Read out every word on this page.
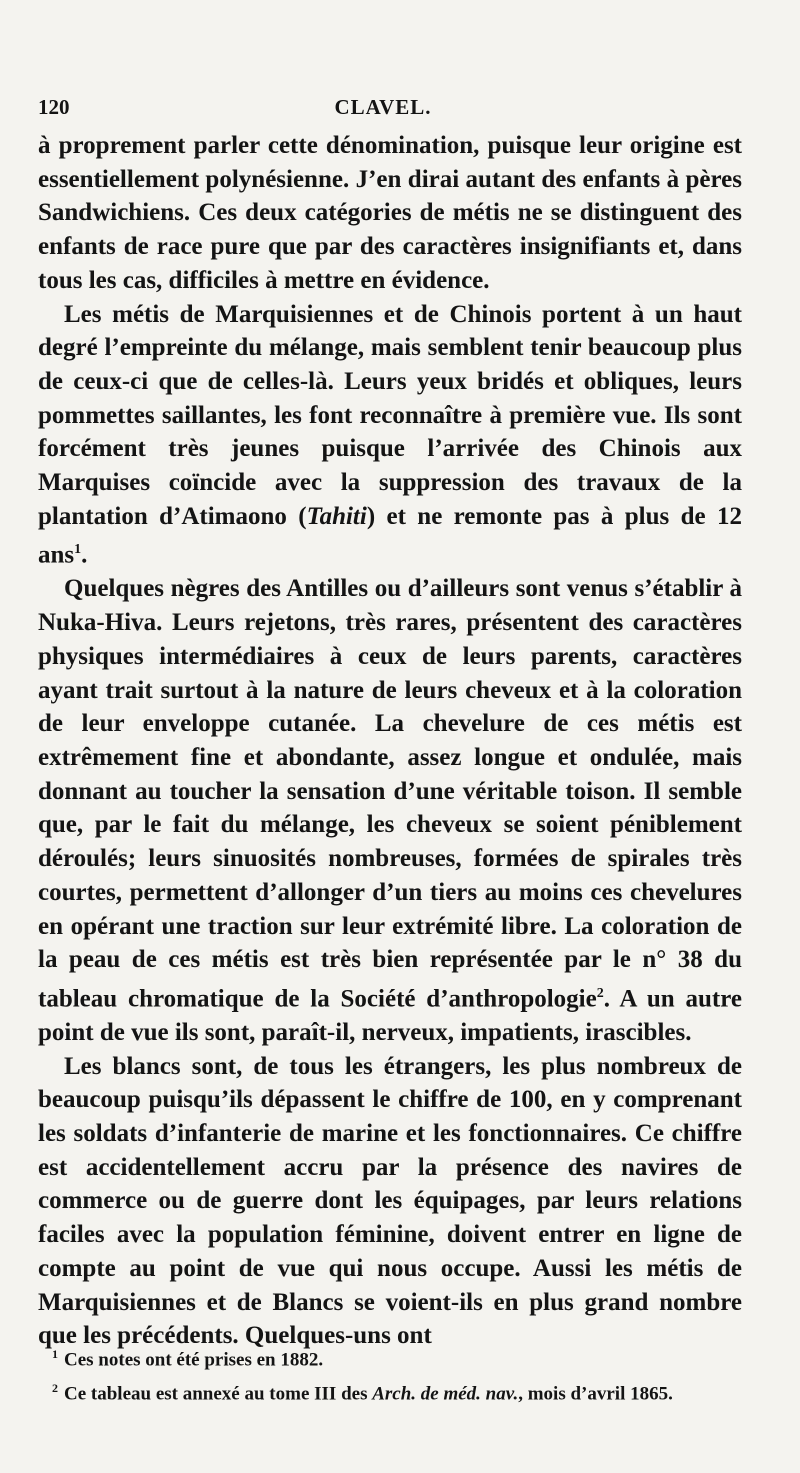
120	CLAVEL.

à proprement parler cette dénomination, puisque leur origine est essentiellement polynésienne. J’en dirai autant des enfants à pères Sandwichiens. Ces deux catégories de métis ne se distinguent des enfants de race pure que par des caractères insignifiants et, dans tous les cas, difficiles à mettre en évidence.

Les métis de Marquisiennes et de Chinois portent à un haut degré l’empreinte du mélange, mais semblent tenir beaucoup plus de ceux-ci que de celles-là. Leurs yeux bridés et obliques, leurs pommettes saillantes, les font reconnaître à première vue. Ils sont forcément très jeunes puisque l’arrivée des Chinois aux Marquises coïncide avec la suppression des travaux de la plantation d’Atimaono (Tahiti) et ne remonte pas à plus de 12 ans$^1$.

Quelques nègres des Antilles ou d’ailleurs sont venus s’établir à Nuka-Hiva. Leurs rejetons, très rares, présentent des caractères physiques intermédiaires à ceux de leurs parents, caractères ayant trait surtout à la nature de leurs cheveux et à la coloration de leur enveloppe cutanée. La chevelure de ces métis est extrêmement fine et abondante, assez longue et ondulée, mais donnant au toucher la sensation d’une véritable toison. Il semble que, par le fait du mélange, les cheveux se soient péniblement déroulés; leurs sinuosités nombreuses, formées de spirales très courtes, permettent d’allonger d’un tiers au moins ces chevelures en opérant une traction sur leur extrémité libre. La coloration de la peau de ces métis est très bien représentée par le n° 38 du tableau chromatique de la Société d’anthropologie$^2$. A un autre point de vue ils sont, paraît-il, nerveux, impatients, irascibles.

Les blancs sont, de tous les étrangers, les plus nombreux de beaucoup puisqu’ils dépassent le chiffre de 100, en y comprenant les soldats d’infanterie de marine et les fonctionnaires. Ce chiffre est accidentellement accru par la présence des navires de commerce ou de guerre dont les équipages, par leurs relations faciles avec la population féminine, doivent entrer en ligne de compte au point de vue qui nous occupe. Aussi les métis de Marquisiennes et de Blancs se voient-ils en plus grand nombre que les précédents. Quelques-uns ont

$^1$ Ces notes ont été prises en 1882.

$^2$ Ce tableau est annexé au tome III des Arch. de méd. nav., mois d’avril 1865.
